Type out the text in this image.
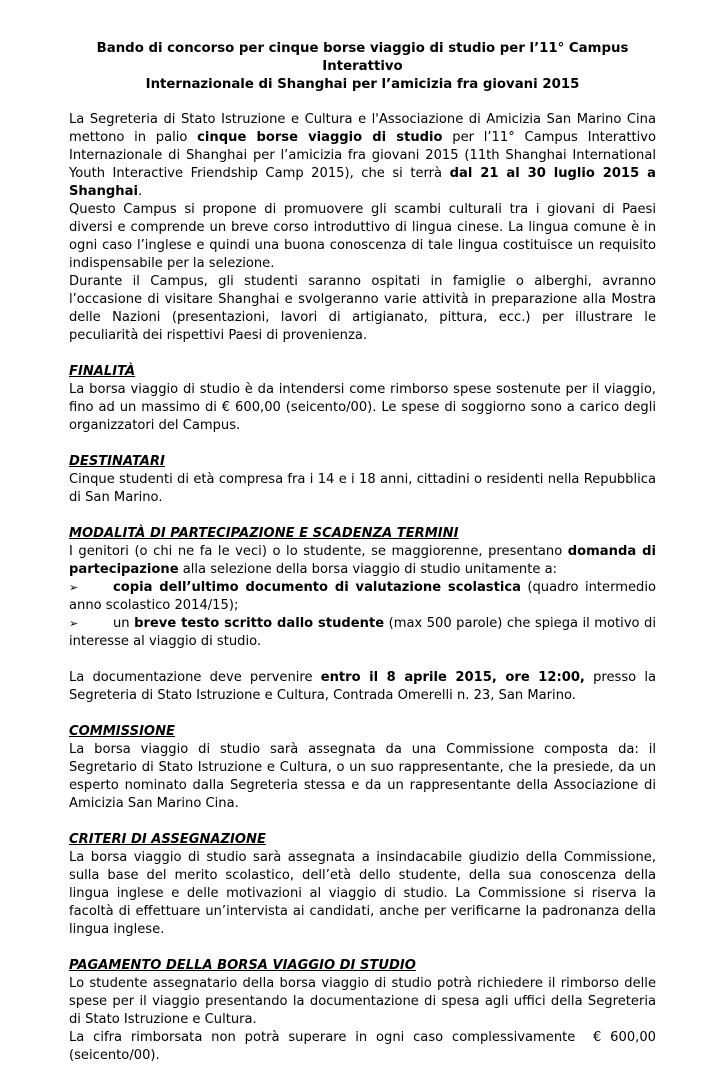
Bando di concorso per cinque borse viaggio di studio per l’11° Campus Interattivo
Internazionale di Shanghai per l’amicizia fra giovani 2015

La Segreteria di Stato Istruzione e Cultura e l'Associazione di Amicizia San Marino Cina mettono in palio cinque borse viaggio di studio per l’11° Campus Interattivo Internazionale di Shanghai per l’amicizia fra giovani 2015 (11th Shanghai International Youth Interactive Friendship Camp 2015), che si terrà dal 21 al 30 luglio 2015 a Shanghai.

Questo Campus si propone di promuovere gli scambi culturali tra i giovani di Paesi diversi e comprende un breve corso introduttivo di lingua cinese. La lingua comune è in ogni caso l’inglese e quindi una buona conoscenza di tale lingua costituisce un requisito indispensabile per la selezione.

Durante il Campus, gli studenti saranno ospitati in famiglie o alberghi, avranno l’occasione di visitare Shanghai e svolgeranno varie attività in preparazione alla Mostra delle Nazioni (presentazioni, lavori di artigianato, pittura, ecc.) per illustrare le peculiarità dei rispettivi Paesi di provenienza.

FINALITÀ

La borsa viaggio di studio è da intendersi come rimborso spese sostenute per il viaggio, fino ad un massimo di € 600,00 (seicento/00). Le spese di soggiorno sono a carico degli organizzatori del Campus.

DESTINATARI

Cinque studenti di età compresa fra i 14 e i 18 anni, cittadini o residenti nella Repubblica di San Marino.

MODALITÀ DI PARTECIPAZIONE E SCADENZA TERMINI

I genitori (o chi ne fa le veci) o lo studente, se maggiorenne, presentano domanda di partecipazione alla selezione della borsa viaggio di studio unitamente a:

➢	copia dell’ultimo documento di valutazione scolastica (quadro intermedio anno scolastico 2014/15);

➢	un breve testo scritto dallo studente (max 500 parole) che spiega il motivo di interesse al viaggio di studio.

La documentazione deve pervenire entro il 8 aprile 2015, ore 12:00, presso la Segreteria di Stato Istruzione e Cultura, Contrada Omerelli n. 23, San Marino.

COMMISSIONE

La borsa viaggio di studio sarà assegnata da una Commissione composta da: il Segretario di Stato Istruzione e Cultura, o un suo rappresentante, che la presiede, da un esperto nominato dalla Segreteria stessa e da un rappresentante della Associazione di Amicizia San Marino Cina.

CRITERI DI ASSEGNAZIONE

La borsa viaggio di studio sarà assegnata a insindacabile giudizio della Commissione, sulla base del merito scolastico, dell’età dello studente, della sua conoscenza della lingua inglese e delle motivazioni al viaggio di studio. La Commissione si riserva la facoltà di effettuare un’intervista ai candidati, anche per verificarne la padronanza della lingua inglese.

PAGAMENTO DELLA BORSA VIAGGIO DI STUDIO

Lo studente assegnatario della borsa viaggio di studio potrà richiedere il rimborso delle spese per il viaggio presentando la documentazione di spesa agli uffici della Segreteria di Stato Istruzione e Cultura.

La cifra rimborsata non potrà superare in ogni caso complessivamente  € 600,00 (seicento/00).
